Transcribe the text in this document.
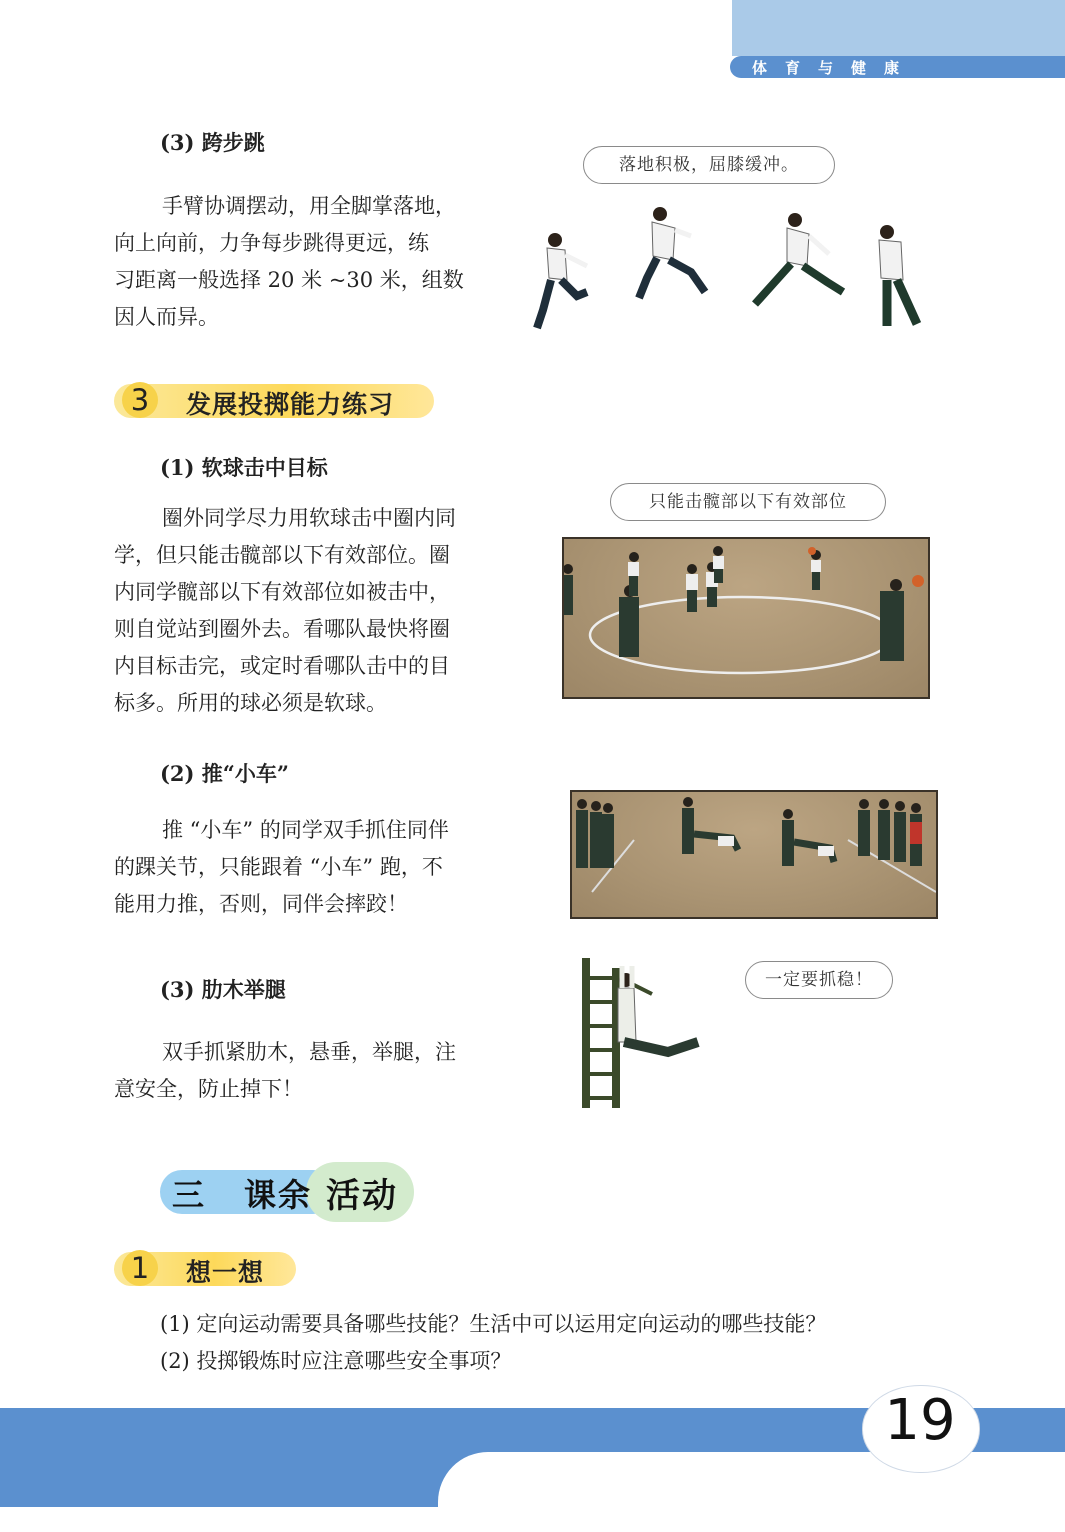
体育与健康
(3) 跨步跳

手臂协调摆动，用全脚掌落地，

向上向前，力争每步跳得更远，练

习距离一般选择 20 米 ~30 米，组数

因人而异。

落地积极，屈膝缓冲。
3	发展投掷能力练习
(1) 软球击中目标

圈外同学尽力用软球击中圈内同

学，但只能击髋部以下有效部位。圈

内同学髋部以下有效部位如被击中，

则自觉站到圈外去。看哪队最快将圈

内目标击完，或定时看哪队击中的目

标多。所用的球必须是软球。

只能击髋部以下有效部位
(2) 推“小车”

推 “小车” 的同学双手抓住同伴

的踝关节，只能跟着 “小车” 跑，不

能用力推，否则，同伴会摔跤！

(3) 肋木举腿

双手抓紧肋木，悬垂，举腿，注

意安全，防止掉下！

一定要抓稳！
三 课余 活动
1	想一想

(1) 定向运动需要具备哪些技能？生活中可以运用定向运动的哪些技能？

(2) 投掷锻炼时应注意哪些安全事项？

19
